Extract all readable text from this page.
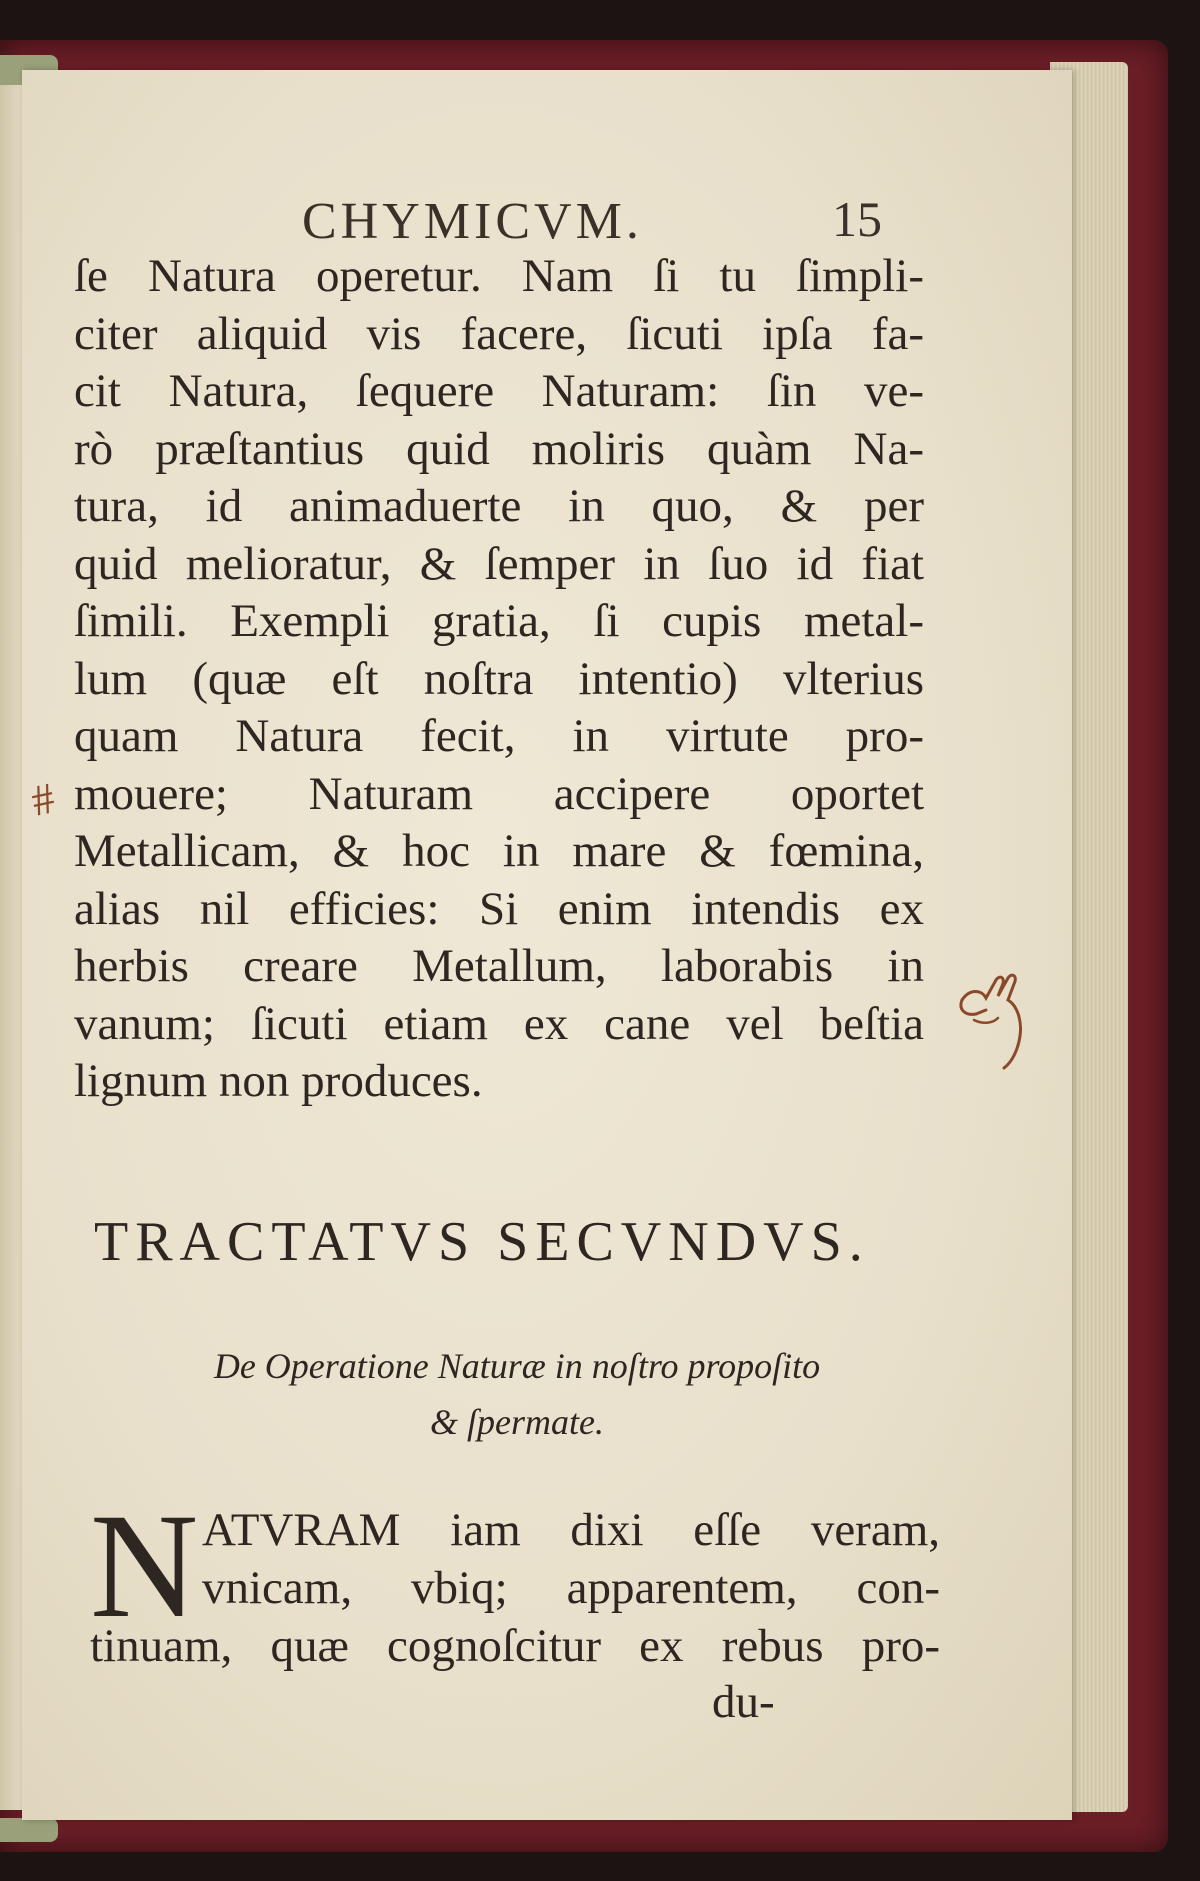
CHYMICVM.	15
ſe Natura operetur. Nam ſi tu ſimpli-
citer aliquid vis facere, ſicuti ipſa fa-
cit Natura, ſequere Naturam: ſin ve-
rò præſtantius quid moliris quàm Na-
tura, id animaduerte in quo, & per
quid melioratur, & ſemper in ſuo id fiat
ſimili. Exempli gratia, ſi cupis metal-
lum (quæ eſt noſtra intentio) vlterius
quam Natura fecit, in virtute pro-
mouere; Naturam accipere oportet
Metallicam, & hoc in mare & fœmina,
alias nil efficies: Si enim intendis ex
herbis creare Metallum, laborabis in
vanum; ſicuti etiam ex cane vel beſtia
lignum non produces.
#
TRACTATVS SECVNDVS.
De Operatione Naturæ in noſtro propoſito
& ſpermate.
N ATVRAM iam dixi eſſe veram,
vnicam, vbiq; apparentem, con-
tinuam, quæ cognoſcitur ex rebus pro-
du-
